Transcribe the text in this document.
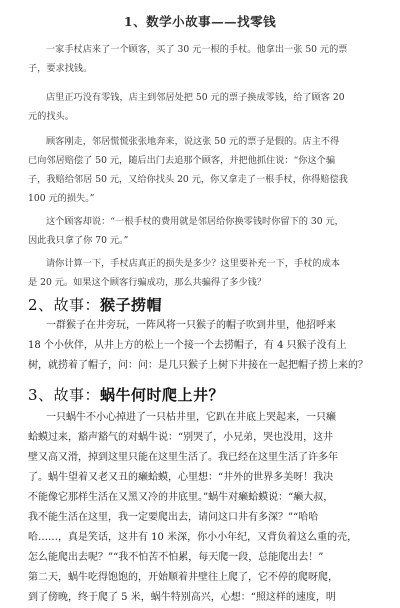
1、数学小故事——找零钱
一家手杖店来了一个顾客，买了 30 元一根的手杖。他拿出一张 50 元的票
子，要求找钱。
店里正巧没有零钱，店主到邻居处把 50 元的票子换成零钱，给了顾客 20
元的找头。
顾客刚走，邻居慌慌张张地奔来，说这张 50 元的票子是假的。店主不得
已向邻居赔偿了 50 元，随后出门去追那个顾客，并把他抓住说：“你这个骗
子，我赔给邻居 50 元，又给你找头 20 元，你又拿走了一根手杖，你得赔偿我
100 元的损失。”
这个顾客却说：“一根手杖的费用就是邻居给你换零钱时你留下的 30 元，
因此我只拿了你 70 元。”
请你计算一下，手杖店真正的损失是多少？这里要补充一下，手杖的成本
是 20 元。如果这个顾客行骗成功，那么共骗得了多少钱？
2、故事：猴子捞帽
一群猴子在井旁玩，一阵风将一只猴子的帽子吹到井里，他招呼来
18 个小伙伴，从井上方的松上一个接一个去捞帽子，有 4 只猴子没有上
树，就捞着了帽子，问：问：是几只猴子上树下井接在一起把帽子捞上来的？
3、故事：蜗牛何时爬上井？
一只蜗牛不小心掉进了一只枯井里，它趴在井底上哭起来，一只癞
蛤蟆过来，豁声豁气的对蜗牛说：“别哭了，小兄弟，哭也没用，这井
壁又高又滑，掉到这里只能在这里生活了。我已经在这里生活了许多年
了。蜗牛望着又老又丑的癞蛤蟆，心里想：“井外的世界多美呀！我决
不能像它那样生活在又黑又冷的井底里。”蜗牛对癞蛤蟆说：“癞大叔，
我不能生活在这里，我一定要爬出去，请问这口井有多深？”“哈哈
哈……，真是笑话，这井有 10 米深，你小小年纪，又背负着这么重的壳，
怎么能爬出去呢？”“我不怕苦不怕累，每天爬一段，总能爬出去！”
第二天，蜗牛吃得饱饱的，开始顺着井壁往上爬了，它不停的爬呀爬，
到了傍晚，终于爬了 5 米，蜗牛特别高兴，心想：“照这样的速度，明
